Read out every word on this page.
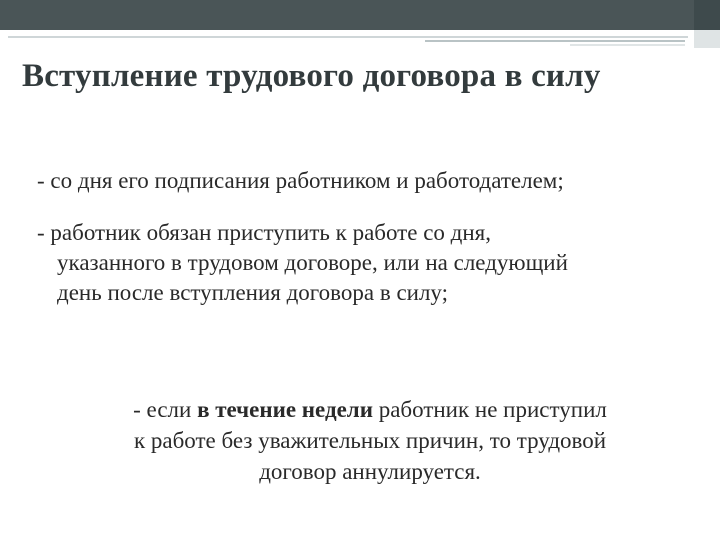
Вступление трудового договора в силу
- со дня его подписания работником и работодателем;
- работник обязан приступить к работе со дня,
указанного в трудовом договоре, или на следующий
день после вступления договора в силу;
- если в течение недели работник не приступил
к работе без уважительных причин, то трудовой
договор аннулируется.
